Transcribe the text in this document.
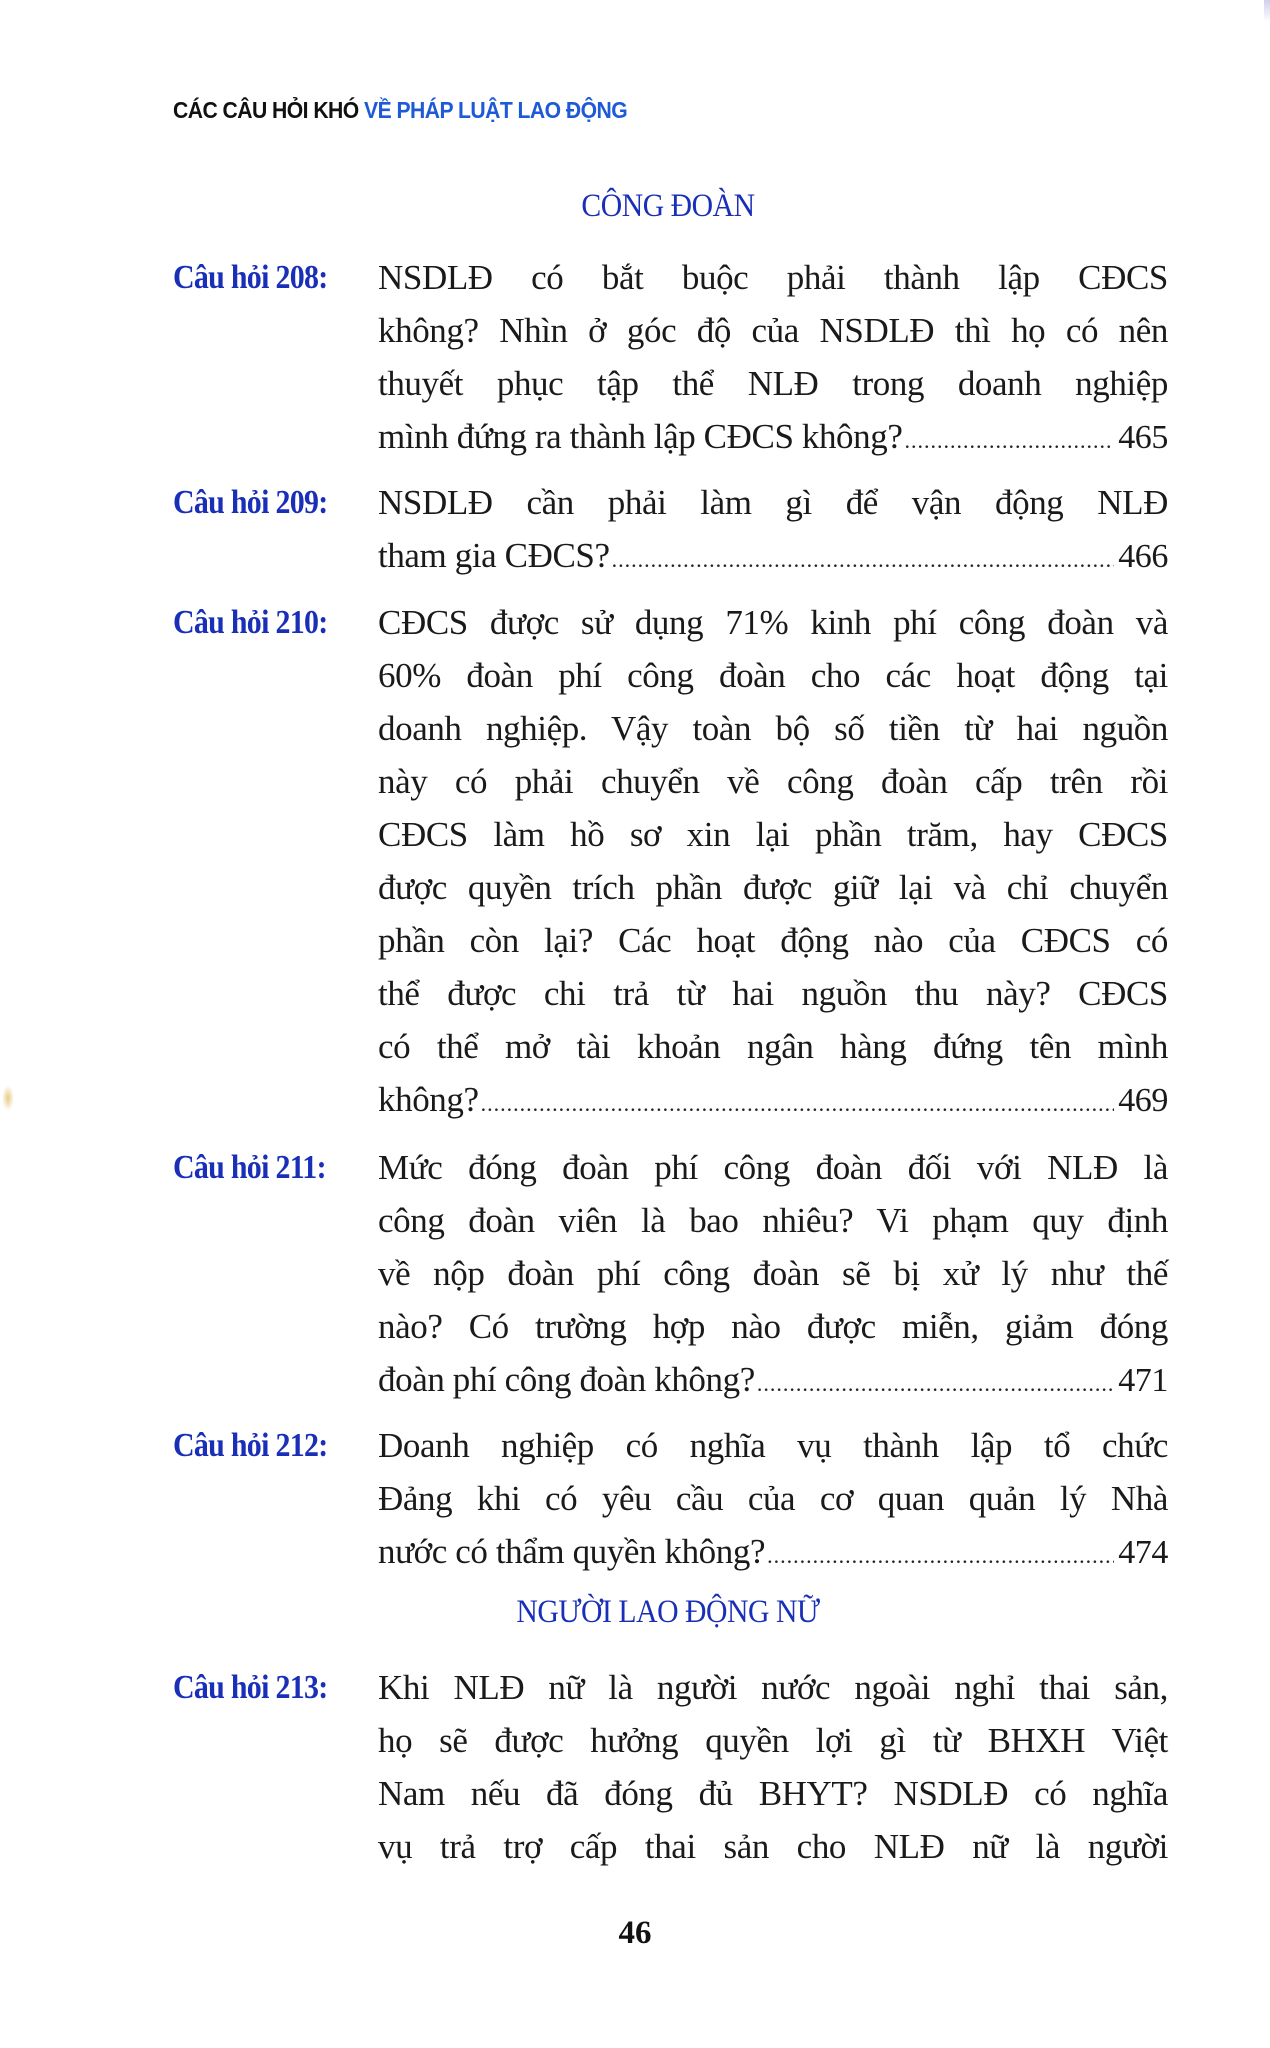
CÁC CÂU HỎI KHÓ VỀ PHÁP LUẬT LAO ĐỘNG
CÔNG ĐOÀN
Câu hỏi 208: NSDLĐ có bắt buộc phải thành lập CĐCS
không? Nhìn ở góc độ của NSDLĐ thì họ có nên
thuyết phục tập thể NLĐ trong doanh nghiệp
mình đứng ra thành lập CĐCS không? .....	465
Câu hỏi 209: NSDLĐ cần phải làm gì để vận động NLĐ
tham gia CĐCS? .....	466
Câu hỏi 210: CĐCS được sử dụng 71% kinh phí công đoàn và
60% đoàn phí công đoàn cho các hoạt động tại
doanh nghiệp. Vậy toàn bộ số tiền từ hai nguồn
này có phải chuyển về công đoàn cấp trên rồi
CĐCS làm hồ sơ xin lại phần trăm, hay CĐCS
được quyền trích phần được giữ lại và chỉ chuyển
phần còn lại? Các hoạt động nào của CĐCS có
thể được chi trả từ hai nguồn thu này? CĐCS
có thể mở tài khoản ngân hàng đứng tên mình
không? .....	469
Câu hỏi 211: Mức đóng đoàn phí công đoàn đối với NLĐ là
công đoàn viên là bao nhiêu? Vi phạm quy định
về nộp đoàn phí công đoàn sẽ bị xử lý như thế
nào? Có trường hợp nào được miễn, giảm đóng
đoàn phí công đoàn không? .....	471
Câu hỏi 212: Doanh nghiệp có nghĩa vụ thành lập tổ chức
Đảng khi có yêu cầu của cơ quan quản lý Nhà
nước có thẩm quyền không? .....	474
NGƯỜI LAO ĐỘNG NỮ
Câu hỏi 213: Khi NLĐ nữ là người nước ngoài nghỉ thai sản,
họ sẽ được hưởng quyền lợi gì từ BHXH Việt
Nam nếu đã đóng đủ BHYT? NSDLĐ có nghĩa
vụ trả trợ cấp thai sản cho NLĐ nữ là người
46
